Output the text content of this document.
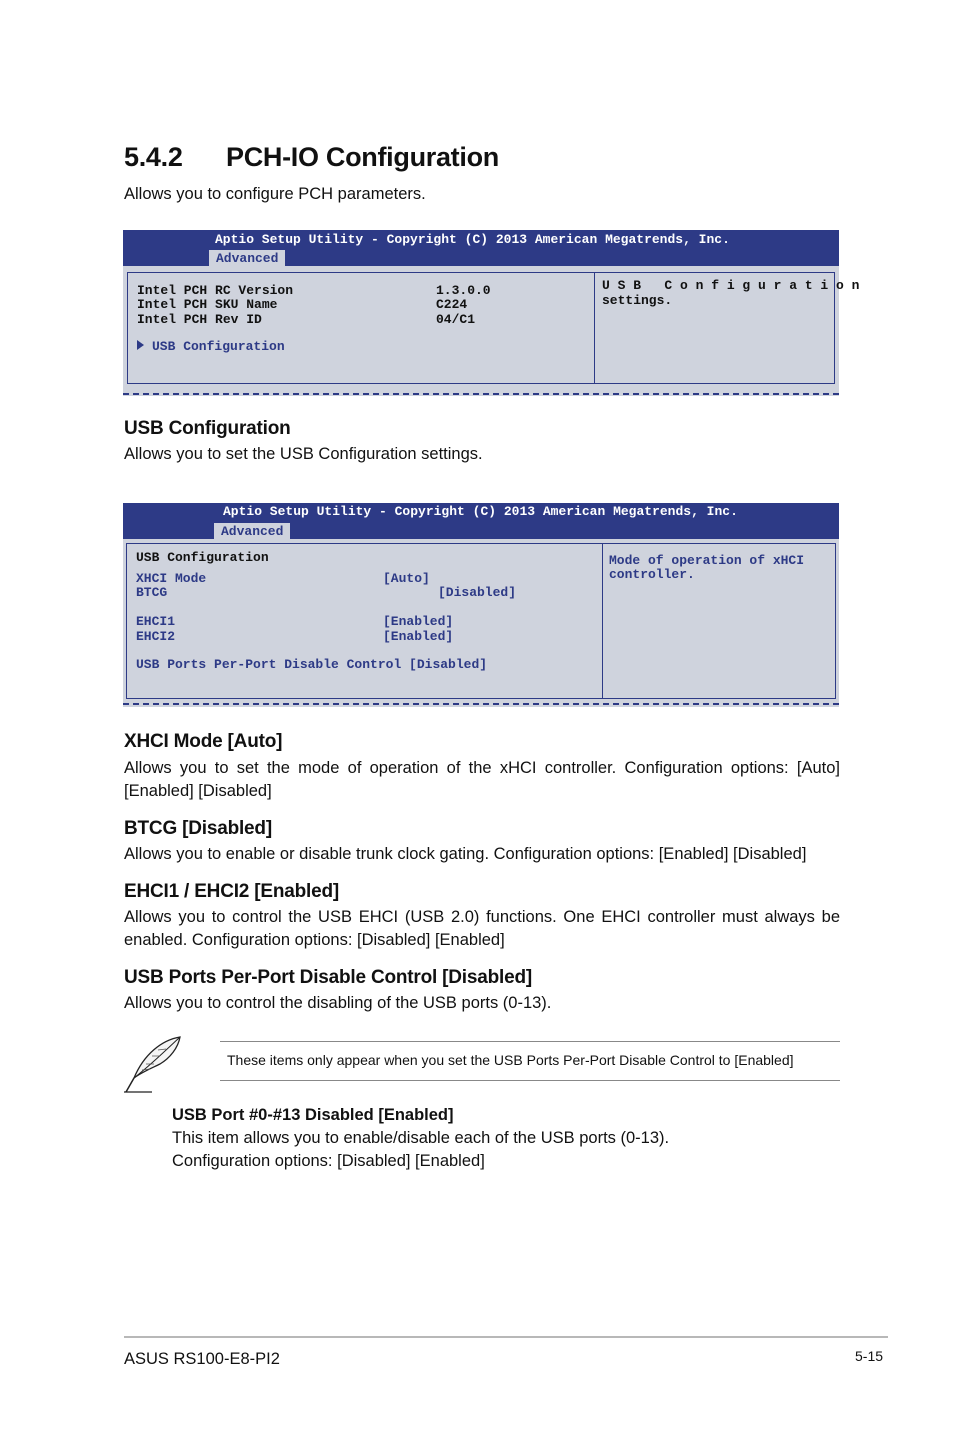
5.4.2 PCH-IO Configuration
Allows you to configure PCH parameters.
Aptio Setup Utility - Copyright (C) 2013 American Megatrends, Inc.
Advanced
Intel PCH RC Version	1.3.0.0
Intel PCH SKU Name	C224
Intel PCH Rev ID	04/C1
USB Configuration
U S B   C o n f i g u r a t i o n
settings.
USB Configuration
Allows you to set the USB Configuration settings.
Aptio Setup Utility - Copyright (C) 2013 American Megatrends, Inc.
Advanced
USB Configuration
XHCI Mode	[Auto]
BTCG	[Disabled]
EHCI1	[Enabled]
EHCI2	[Enabled]
USB Ports Per-Port Disable Control [Disabled]
Mode of operation of xHCI
controller.
XHCI Mode [Auto]
Allows you to set the mode of operation of the xHCI controller. Configuration options: [Auto] [Enabled] [Disabled]
BTCG [Disabled]
Allows you to enable or disable trunk clock gating. Configuration options: [Enabled] [Disabled]
EHCI1 / EHCI2 [Enabled]
Allows you to control the USB EHCI (USB 2.0) functions. One EHCI controller must always be enabled. Configuration options: [Disabled] [Enabled]
USB Ports Per-Port Disable Control [Disabled]
Allows you to control the disabling of the USB ports (0-13).
These items only appear when you set the USB Ports Per-Port Disable Control to [Enabled]
USB Port #0-#13 Disabled [Enabled]
This item allows you to enable/disable each of the USB ports (0-13).
Configuration options: [Disabled] [Enabled]
ASUS RS100-E8-PI2	5-15
